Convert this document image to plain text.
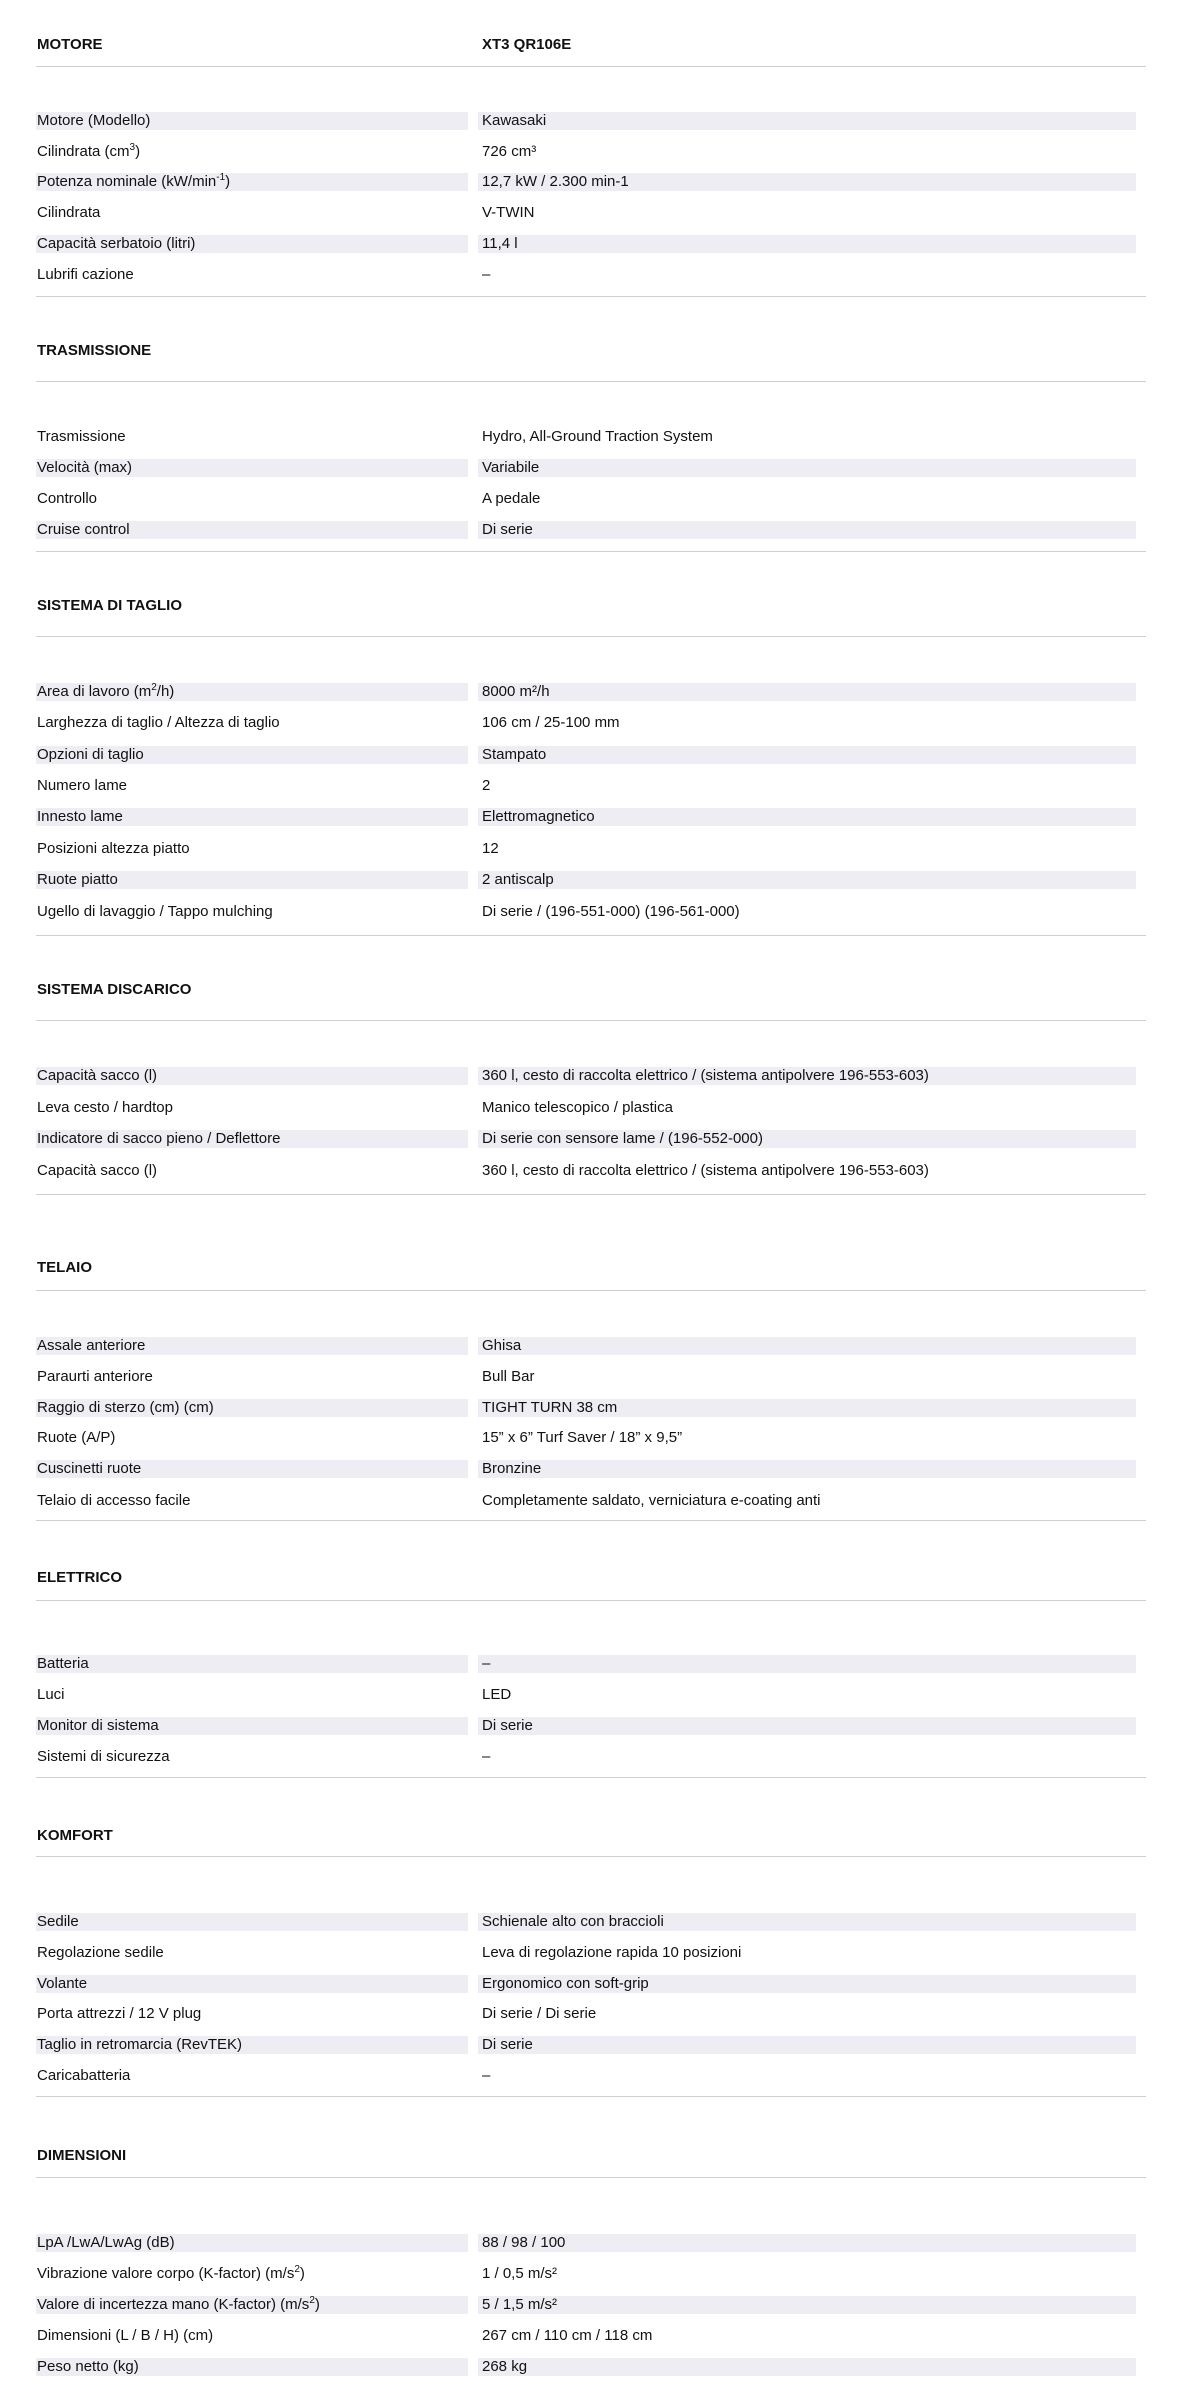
MOTORE	XT3 QR106E
Motore (Modello)	Kawasaki
Cilindrata $(cm^3)$	726 cm³
Potenza nominale $(kW/\min^{-1})$	12,7 kW / 2.300 min-1
Cilindrata	V-TWIN
Capacità serbatoio (litri)	11,4 l
Lubrifi cazione	–
TRASMISSIONE
Trasmissione	Hydro, All-Ground Traction System
Velocità (max)	Variabile
Controllo	A pedale
Cruise control	Di serie
SISTEMA DI TAGLIO
Area di lavoro $(m^2/h)$	8000 m²/h
Larghezza di taglio / Altezza di taglio	106 cm / 25-100 mm
Opzioni di taglio	Stampato
Numero lame	2
Innesto lame	Elettromagnetico
Posizioni altezza piatto	12
Ruote piatto	2 antiscalp
Ugello di lavaggio / Tappo mulching	Di serie / (196-551-000) (196-561-000)
SISTEMA DISCARICO
Capacità sacco (l)	360 l, cesto di raccolta elettrico / (sistema antipolvere 196-553-603)
Leva cesto / hardtop	Manico telescopico / plastica
Indicatore di sacco pieno / Deflettore	Di serie con sensore lame / (196-552-000)
Capacità sacco (l)	360 l, cesto di raccolta elettrico / (sistema antipolvere 196-553-603)
TELAIO
Assale anteriore	Ghisa
Paraurti anteriore	Bull Bar
Raggio di sterzo (cm) (cm)	TIGHT TURN 38 cm
Ruote (A/P)	15” x 6” Turf Saver / 18” x 9,5”
Cuscinetti ruote	Bronzine
Telaio di accesso facile	Completamente saldato, verniciatura e-coating anti
ELETTRICO
Batteria	–
Luci	LED
Monitor di sistema	Di serie
Sistemi di sicurezza	–
KOMFORT
Sedile	Schienale alto con braccioli
Regolazione sedile	Leva di regolazione rapida 10 posizioni
Volante	Ergonomico con soft-grip
Porta attrezzi / 12 V plug	Di serie / Di serie
Taglio in retromarcia (RevTEK)	Di serie
Caricabatteria	–
DIMENSIONI
LpA /LwA/LwAg (dB)	88 / 98 / 100
Vibrazione valore corpo (K-factor) $(m/s^2)$	1 / 0,5 m/s²
Valore di incertezza mano (K-factor) $(m/s^2)$	5 / 1,5 m/s²
Dimensioni (L / B / H) (cm)	267 cm / 110 cm / 118 cm
Peso netto (kg)	268 kg
